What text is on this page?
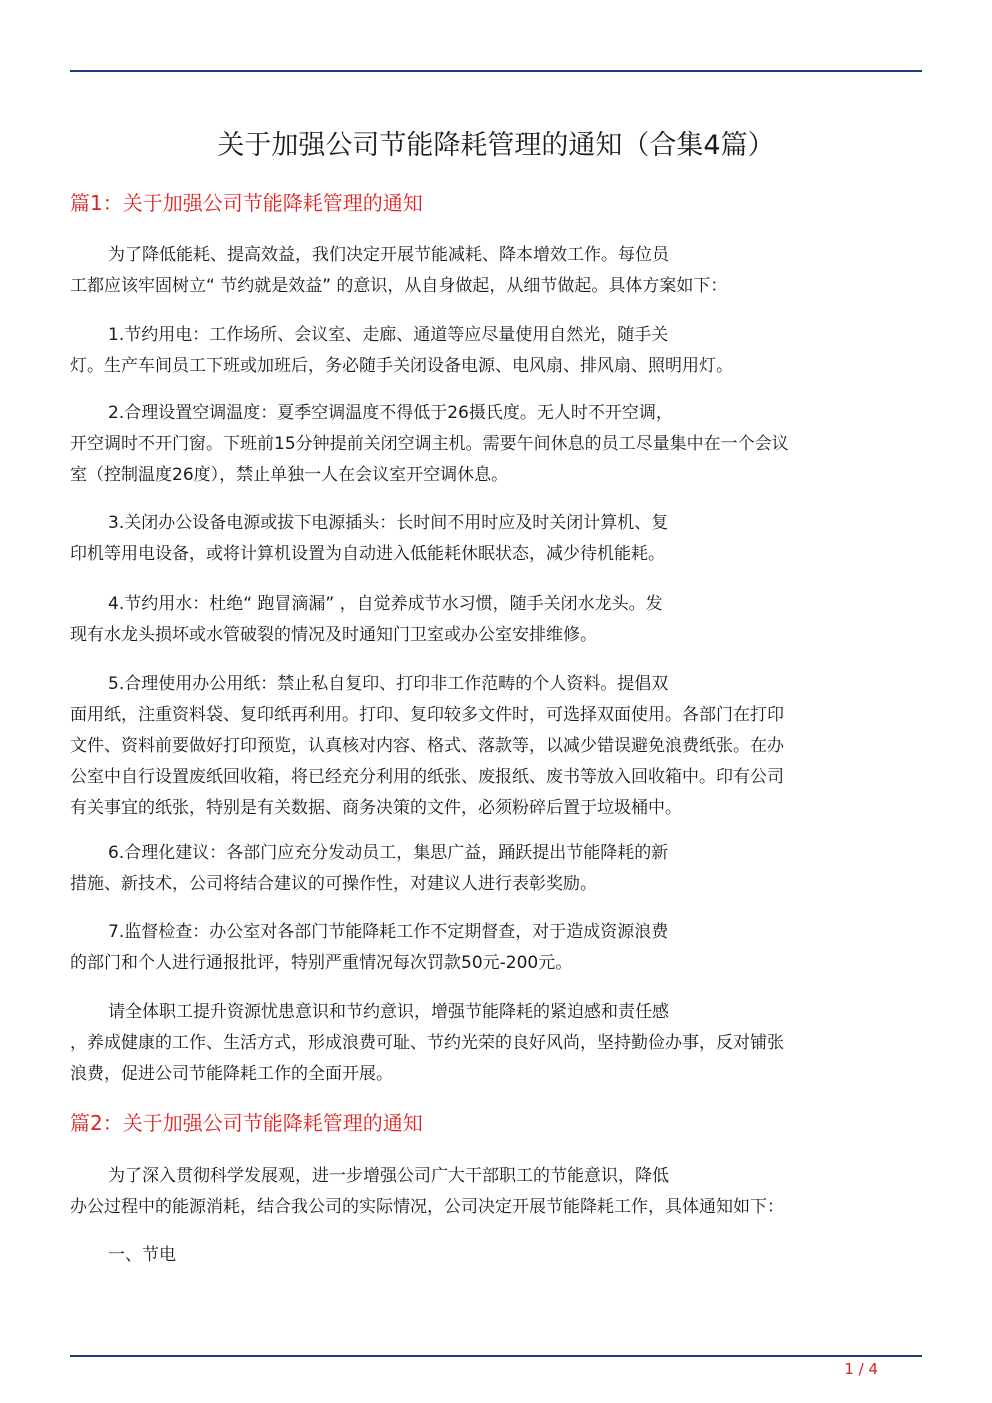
关于加强公司节能降耗管理的通知（合集4篇）
篇1：关于加强公司节能降耗管理的通知
为了降低能耗、提高效益，我们决定开展节能减耗、降本增效工作。每位员
工都应该牢固树立“ 节约就是效益” 的意识，从自身做起，从细节做起。具体方案如下：
1.节约用电：工作场所、会议室、走廊、通道等应尽量使用自然光，随手关
灯。生产车间员工下班或加班后，务必随手关闭设备电源、电风扇、排风扇、照明用灯。
2.合理设置空调温度：夏季空调温度不得低于26摄氏度。无人时不开空调，
开空调时不开门窗。下班前15分钟提前关闭空调主机。需要午间休息的员工尽量集中在一个会议
室（控制温度26度），禁止单独一人在会议室开空调休息。
3.关闭办公设备电源或拔下电源插头：长时间不用时应及时关闭计算机、复
印机等用电设备，或将计算机设置为自动进入低能耗休眠状态，减少待机能耗。
4.节约用水：杜绝“ 跑冒滴漏” ，自觉养成节水习惯，随手关闭水龙头。发
现有水龙头损坏或水管破裂的情况及时通知门卫室或办公室安排维修。
5.合理使用办公用纸：禁止私自复印、打印非工作范畴的个人资料。提倡双
面用纸，注重资料袋、复印纸再利用。打印、复印较多文件时，可选择双面使用。各部门在打印
文件、资料前要做好打印预览，认真核对内容、格式、落款等，以减少错误避免浪费纸张。在办
公室中自行设置废纸回收箱，将已经充分利用的纸张、废报纸、废书等放入回收箱中。印有公司
有关事宜的纸张，特别是有关数据、商务决策的文件，必须粉碎后置于垃圾桶中。
6.合理化建议：各部门应充分发动员工，集思广益，踊跃提出节能降耗的新
措施、新技术，公司将结合建议的可操作性，对建议人进行表彰奖励。
7.监督检查：办公室对各部门节能降耗工作不定期督查，对于造成资源浪费
的部门和个人进行通报批评，特别严重情况每次罚款50元-200元。
请全体职工提升资源忧患意识和节约意识，增强节能降耗的紧迫感和责任感
，养成健康的工作、生活方式，形成浪费可耻、节约光荣的良好风尚，坚持勤俭办事，反对铺张
浪费，促进公司节能降耗工作的全面开展。
篇2：关于加强公司节能降耗管理的通知
为了深入贯彻科学发展观，进一步增强公司广大干部职工的节能意识，降低
办公过程中的能源消耗，结合我公司的实际情况，公司决定开展节能降耗工作，具体通知如下：
一、节电
1 / 4
